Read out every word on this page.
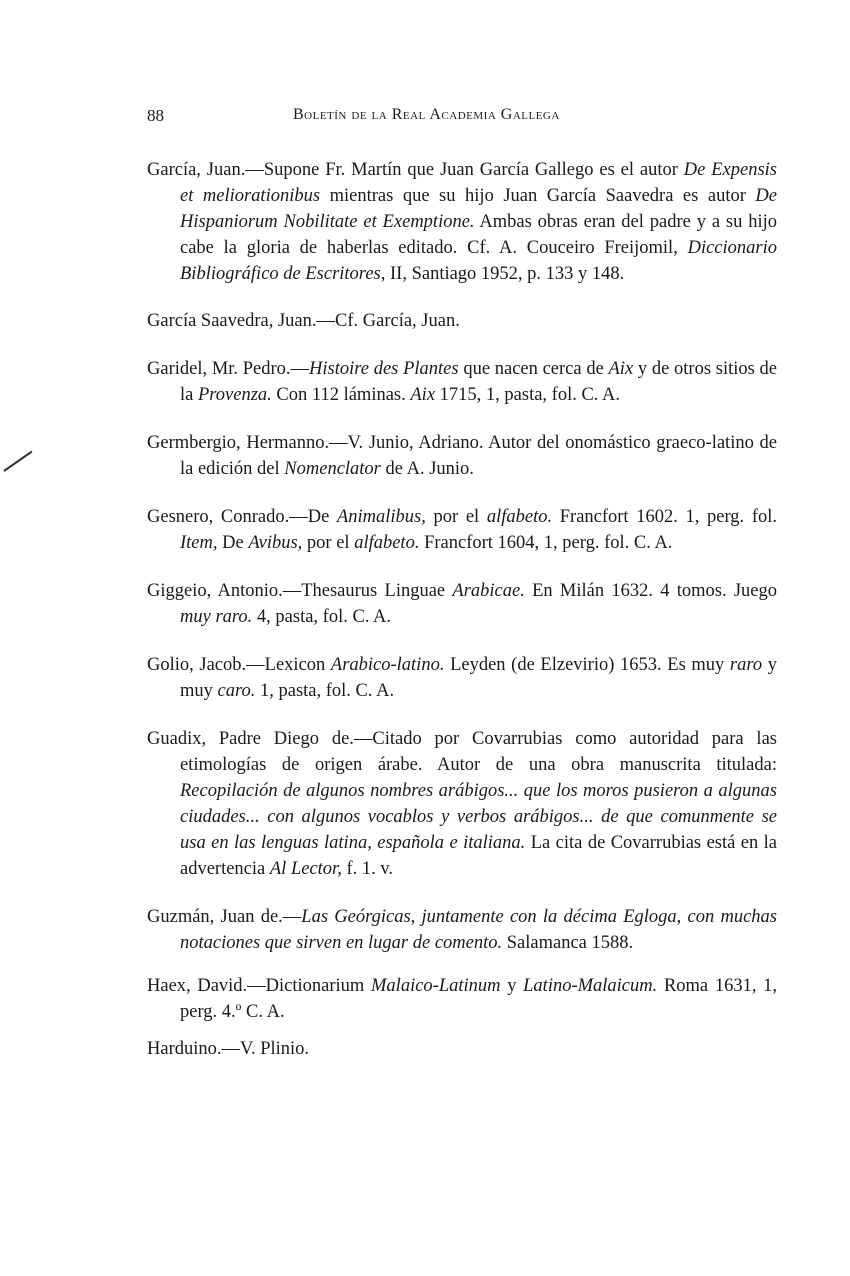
88	Boletín de la Real Academia Gallega

García, Juan.—Supone Fr. Martín que Juan García Gallego es el autor De Expensis et meliorationibus mientras que su hijo Juan García Saavedra es autor De Hispaniorum Nobilitate et Exemptione. Ambas obras eran del padre y a su hijo cabe la gloria de haberlas editado. Cf. A. Couceiro Freijomil, Diccionario Bibliográfico de Escritores, II, Santiago 1952, p. 133 y 148.

García Saavedra, Juan.—Cf. García, Juan.

Garidel, Mr. Pedro.—Histoire des Plantes que nacen cerca de Aix y de otros sitios de la Provenza. Con 112 láminas. Aix 1715, 1, pasta, fol. C. A.

Germbergio, Hermanno.—V. Junio, Adriano. Autor del onomástico graeco-latino de la edición del Nomenclator de A. Junio.

Gesnero, Conrado.—De Animalibus, por el alfabeto. Francfort 1602. 1, perg. fol. Item, De Avibus, por el alfabeto. Francfort 1604, 1, perg. fol. C. A.

Giggeio, Antonio.—Thesaurus Linguae Arabicae. En Milán 1632. 4 tomos. Juego muy raro. 4, pasta, fol. C. A.

Golio, Jacob.—Lexicon Arabico-latino. Leyden (de Elzevirio) 1653. Es muy raro y muy caro. 1, pasta, fol. C. A.

Guadix, Padre Diego de.—Citado por Covarrubias como autoridad para las etimologías de origen árabe. Autor de una obra manuscrita titulada: Recopilación de algunos nombres arábigos... que los moros pusieron a algunas ciudades... con algunos vocablos y verbos arábigos... de que comunmente se usa en las lenguas latina, española e italiana. La cita de Covarrubias está en la advertencia Al Lector, f. 1. v.

Guzmán, Juan de.—Las Geórgicas, juntamente con la décima Egloga, con muchas notaciones que sirven en lugar de comento. Salamanca 1588.

Haex, David.—Dictionarium Malaico-Latinum y Latino-Malaicum. Roma 1631, 1, perg. 4.º C. A.

Harduino.—V. Plinio.
